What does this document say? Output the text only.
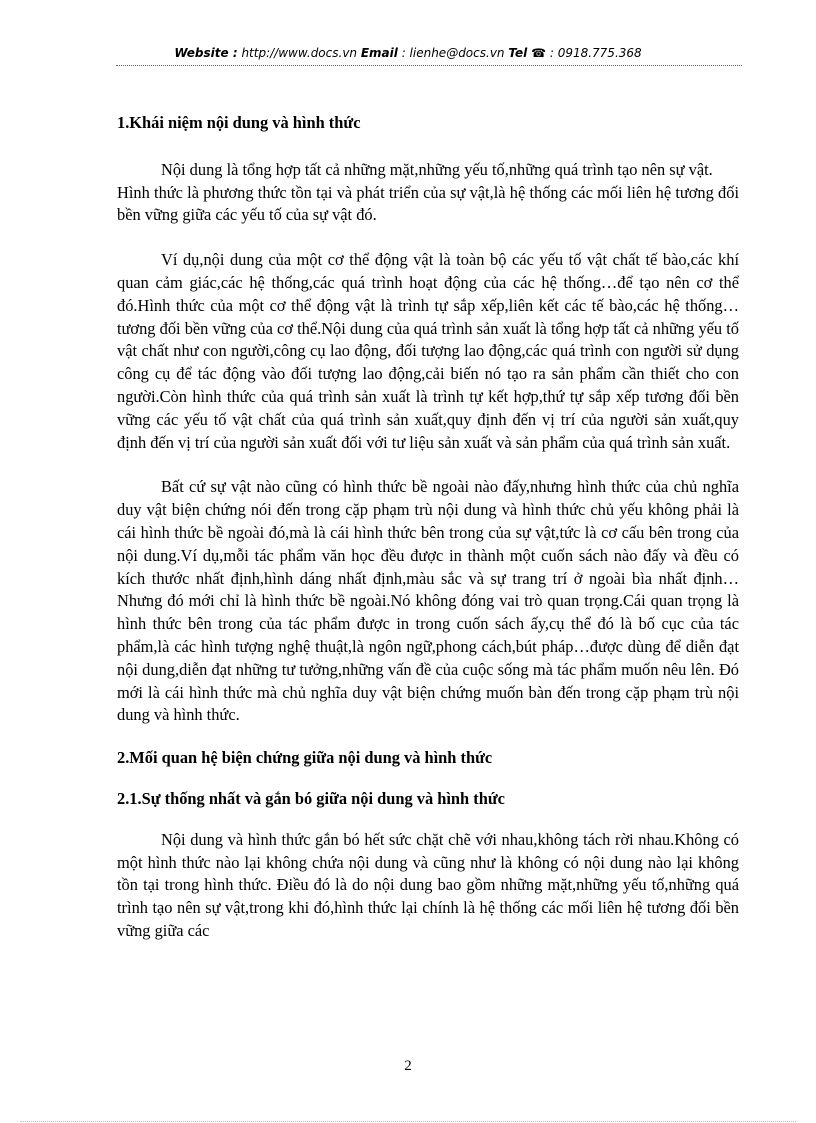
Website : http://www.docs.vn Email : lienhe@docs.vn Tel ☎ : 0918.775.368

1.Khái niệm nội dung và hình thức

Nội dung là tổng hợp tất cả những mặt,những yếu tố,những quá trình tạo nên sự vật.

Hình thức là phương thức tồn tại và phát triển của sự vật,là hệ thống các mối liên hệ tương đối bền vững giữa các yếu tố của sự vật đó.

Ví dụ,nội dung của một cơ thể động vật là toàn bộ các yếu tố vật chất tế bào,các khí quan cảm giác,các hệ thống,các quá trình hoạt động của các hệ thống…để tạo nên cơ thể đó.Hình thức của một cơ thể động vật là trình tự sắp xếp,liên kết các tế bào,các hệ thống…tương đối bền vững của cơ thể.Nội dung của quá trình sản xuất là tổng hợp tất cả những yếu tố vật chất như con người,công cụ lao động, đối tượng lao động,các quá trình con người sử dụng công cụ để tác động vào đối tượng lao động,cải biến nó tạo ra sản phẩm cần thiết cho con người.Còn hình thức của quá trình sản xuất là trình tự kết hợp,thứ tự sắp xếp tương đối bền vững các yếu tố vật chất của quá trình sản xuất,quy định đến vị trí của người sản xuất,quy định đến vị trí của người sản xuất đối với tư liệu sản xuất và sản phẩm của quá trình sản xuất.

Bất cứ sự vật nào cũng có hình thức bề ngoài nào đấy,nhưng hình thức của chủ nghĩa duy vật biện chứng nói đến trong cặp phạm trù nội dung và hình thức chủ yếu không phải là cái hình thức bề ngoài đó,mà là cái hình thức bên trong của sự vật,tức là cơ cấu bên trong của nội dung.Ví dụ,mỗi tác phẩm văn học đều được in thành một cuốn sách nào đấy và đều có kích thước nhất định,hình dáng nhất định,màu sắc và sự trang trí ở ngoài bìa nhất định…Nhưng đó mới chỉ là hình thức bề ngoài.Nó không đóng vai trò quan trọng.Cái quan trọng là hình thức bên trong của tác phẩm được in trong cuốn sách ấy,cụ thể đó là bố cục của tác phẩm,là các hình tượng nghệ thuật,là ngôn ngữ,phong cách,bút pháp…được dùng để diễn đạt nội dung,diễn đạt những tư tưởng,những vấn đề của cuộc sống mà tác phẩm muốn nêu lên. Đó mới là cái hình thức mà chủ nghĩa duy vật biện chứng muốn bàn đến trong cặp phạm trù nội dung và hình thức.

2.Mối quan hệ biện chứng giữa nội dung và hình thức

2.1.Sự thống nhất và gắn bó giữa nội dung và hình thức

Nội dung và hình thức gắn bó hết sức chặt chẽ với nhau,không tách rời nhau.Không có một hình thức nào lại không chứa nội dung và cũng như là không có nội dung nào lại không tồn tại trong hình thức. Điều đó là do nội dung bao gồm những mặt,những yếu tố,những quá trình tạo nên sự vật,trong khi đó,hình thức lại chính là hệ thống các mối liên hệ tương đối bền vững giữa các

2
